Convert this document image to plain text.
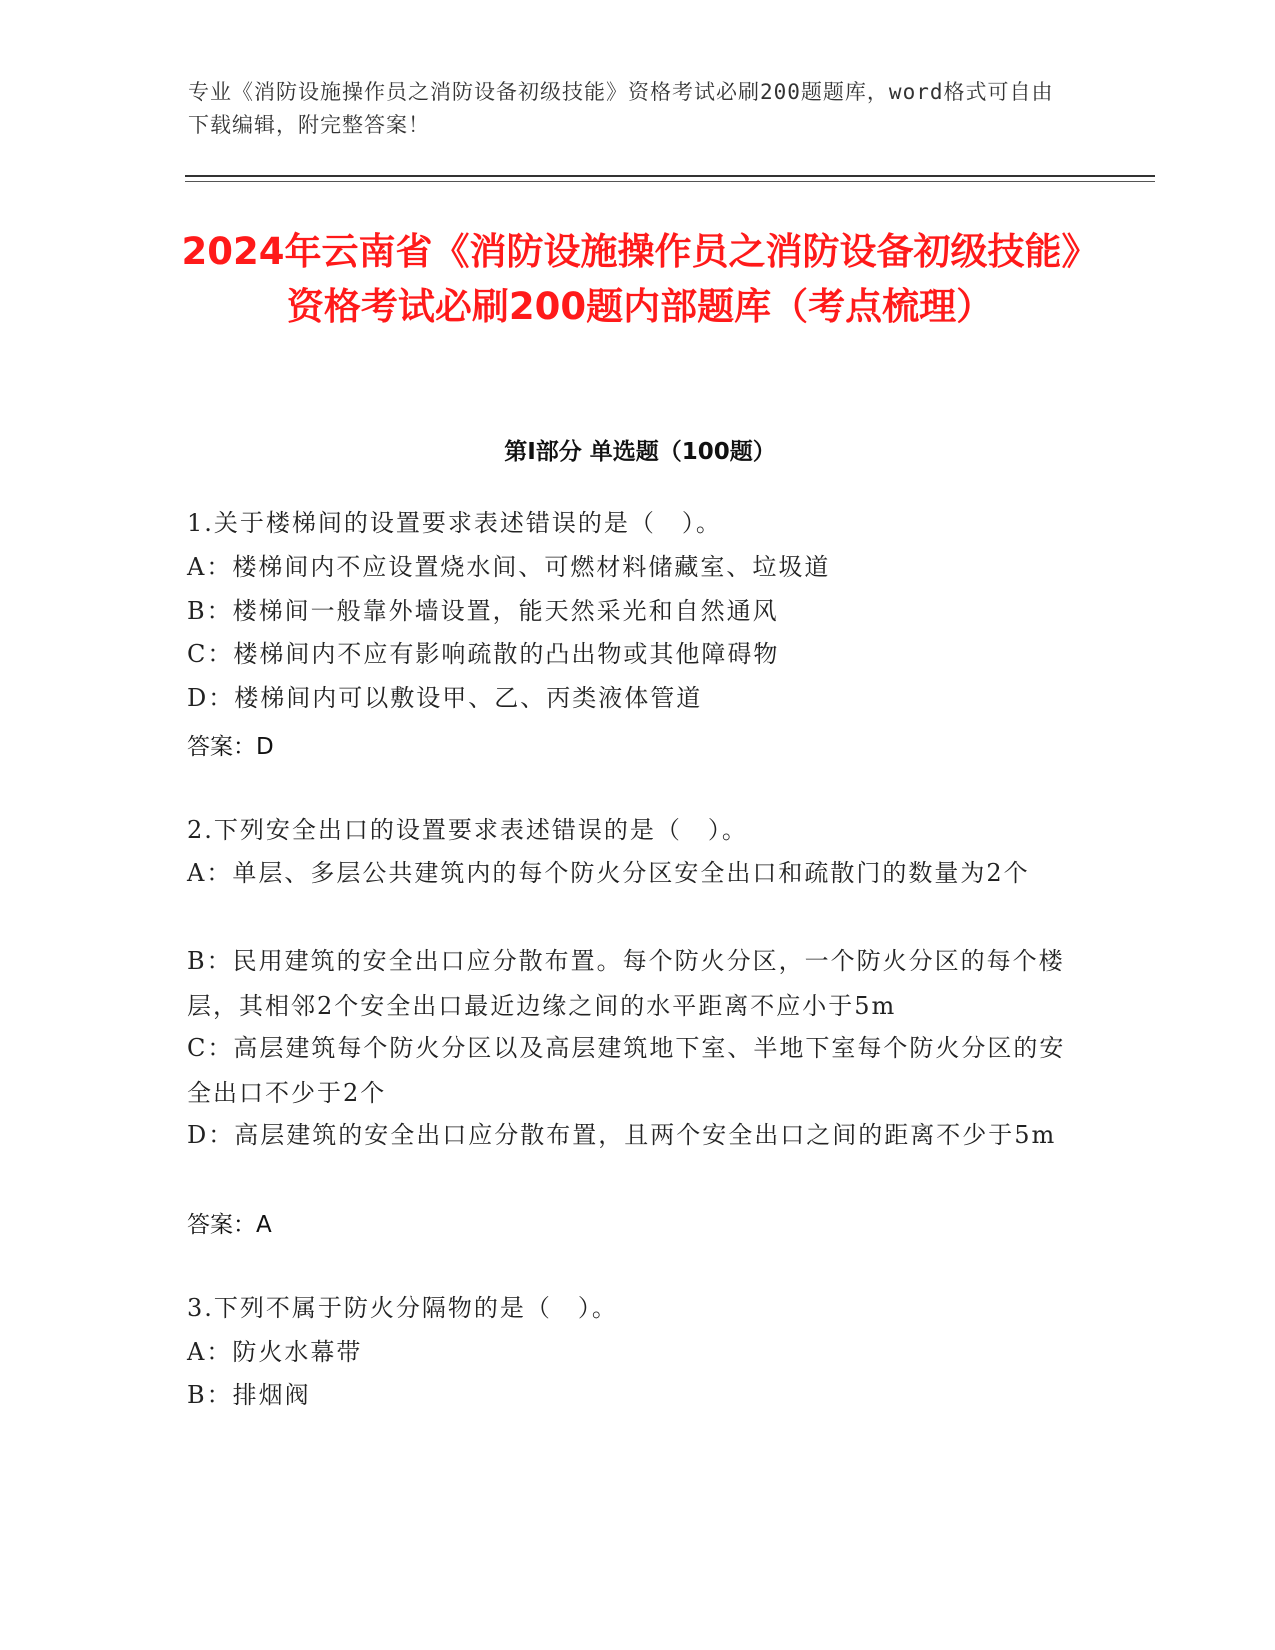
专业《消防设施操作员之消防设备初级技能》资格考试必刷200题题库，word格式可自由下载编辑，附完整答案！
2024年云南省《消防设施操作员之消防设备初级技能》资格考试必刷200题内部题库（考点梳理）
第Ⅰ部分 单选题（100题）
1.关于楼梯间的设置要求表述错误的是（　）。
A：楼梯间内不应设置烧水间、可燃材料储藏室、垃圾道
B：楼梯间一般靠外墙设置，能天然采光和自然通风
C：楼梯间内不应有影响疏散的凸出物或其他障碍物
D：楼梯间内可以敷设甲、乙、丙类液体管道
答案：D
2.下列安全出口的设置要求表述错误的是（　）。
A：单层、多层公共建筑内的每个防火分区安全出口和疏散门的数量为2个
B：民用建筑的安全出口应分散布置。每个防火分区，一个防火分区的每个楼层，其相邻2个安全出口最近边缘之间的水平距离不应小于5m
C：高层建筑每个防火分区以及高层建筑地下室、半地下室每个防火分区的安全出口不少于2个
D：高层建筑的安全出口应分散布置，且两个安全出口之间的距离不少于5m
答案：A
3.下列不属于防火分隔物的是（　）。
A：防火水幕带
B：排烟阀
